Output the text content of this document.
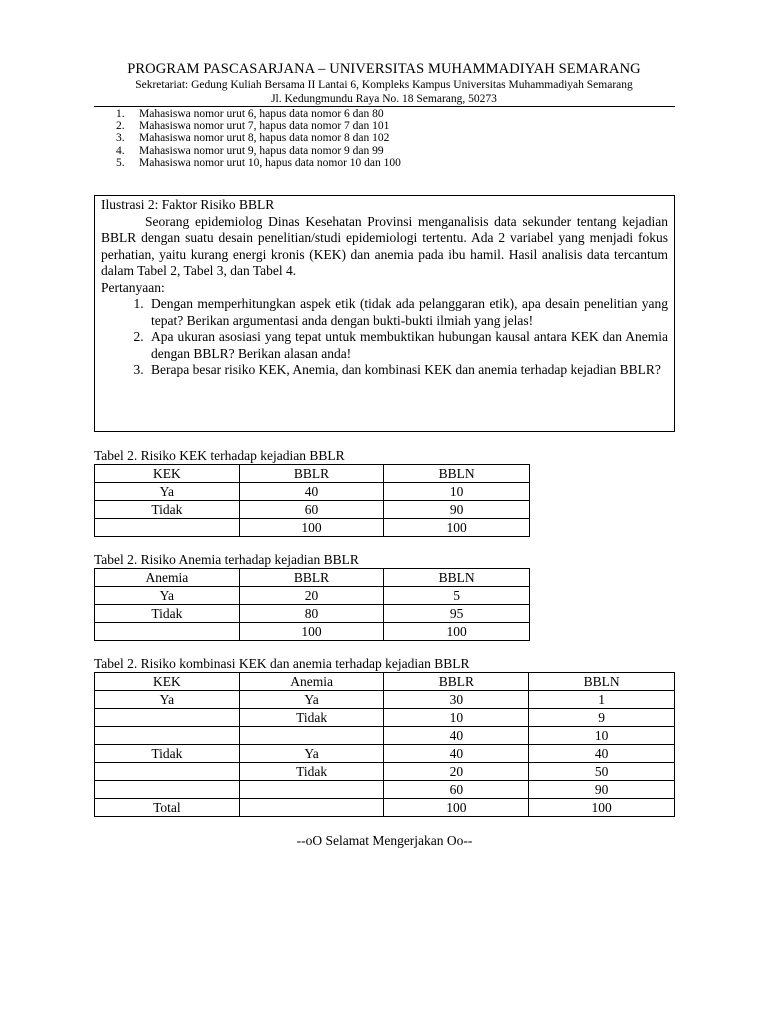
PROGRAM PASCASARJANA – UNIVERSITAS MUHAMMADIYAH SEMARANG
Sekretariat: Gedung Kuliah Bersama II Lantai 6, Kompleks Kampus Universitas Muhammadiyah Semarang
Jl. Kedungmundu Raya No. 18 Semarang, 50273
1. Mahasiswa nomor urut 6, hapus data nomor 6 dan 80
2. Mahasiswa nomor urut 7, hapus data nomor 7 dan 101
3. Mahasiswa nomor urut 8, hapus data nomor 8 dan 102
4. Mahasiswa nomor urut 9, hapus data nomor 9 dan 99
5. Mahasiswa nomor urut 10, hapus data nomor 10 dan 100
Ilustrasi 2: Faktor Risiko BBLR
Seorang epidemiolog Dinas Kesehatan Provinsi menganalisis data sekunder tentang kejadian BBLR dengan suatu desain penelitian/studi epidemiologi tertentu. Ada 2 variabel yang menjadi fokus perhatian, yaitu kurang energi kronis (KEK) dan anemia pada ibu hamil. Hasil analisis data tercantum dalam Tabel 2, Tabel 3, dan Tabel 4.
Pertanyaan:
1. Dengan memperhitungkan aspek etik (tidak ada pelanggaran etik), apa desain penelitian yang tepat? Berikan argumentasi anda dengan bukti-bukti ilmiah yang jelas!
2. Apa ukuran asosiasi yang tepat untuk membuktikan hubungan kausal antara KEK dan Anemia dengan BBLR? Berikan alasan anda!
3. Berapa besar risiko KEK, Anemia, dan kombinasi KEK dan anemia terhadap kejadian BBLR?
Tabel 2. Risiko KEK terhadap kejadian BBLR
KEK	BBLR	BBLN
Ya	40	10
Tidak	60	90
	100	100
Tabel 2. Risiko Anemia terhadap kejadian BBLR
Anemia	BBLR	BBLN
Ya	20	5
Tidak	80	95
	100	100
Tabel 2. Risiko kombinasi KEK dan anemia terhadap kejadian BBLR
KEK	Anemia	BBLR	BBLN
Ya	Ya	30	1
	Tidak	10	9
		40	10
Tidak	Ya	40	40
	Tidak	20	50
		60	90
Total		100	100
--oO Selamat Mengerjakan Oo--
